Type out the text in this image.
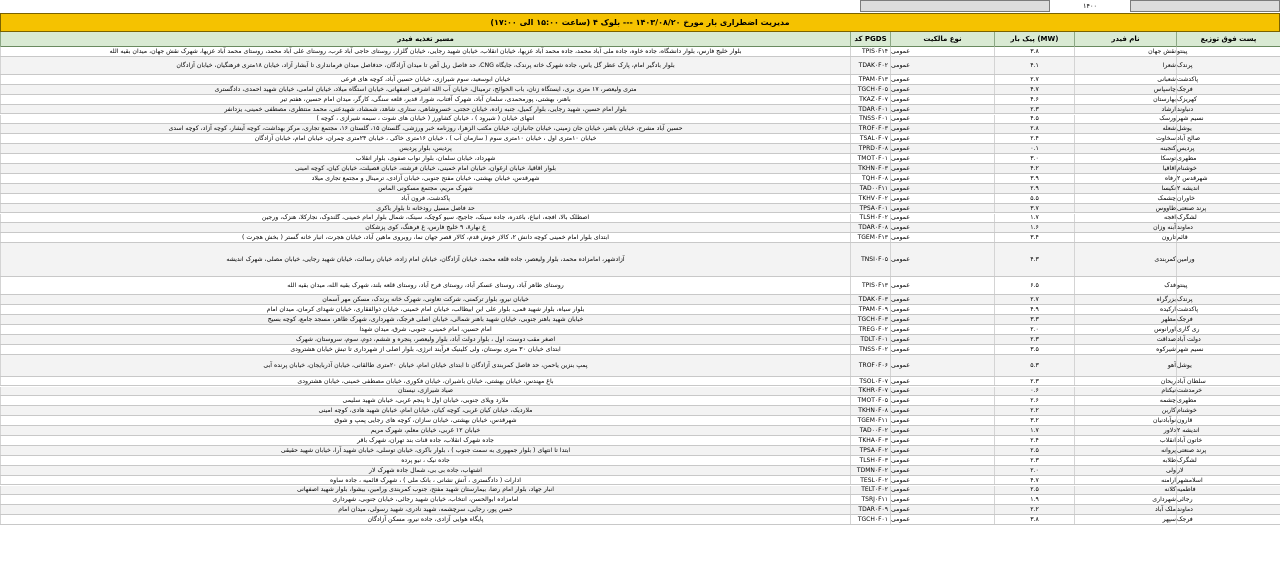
۱۴۰۰
مدیریت اضطراری بار مورخ ۱۴۰۳/۰۸/۲۰ --- بلوک ۴ (ساعت ۱۵:۰۰ الی ۱۷:۰۰)
پست فوق توزیع
نام فیدر
پیک بار (MW)
نوع مالکیت
کد PGDS
مسیر تغذیه فیدر
پینتو
نقش جهان
۳.۸
عمومی
TPIS۰F۱۴
بلوار خلیج فارس، بلوار دانشگاه، جاده خاوه، جاده ملی آباد محمد، جاده محمد آباد عزیها، خیابان انقلاب، خیابان شهید رجایی، خیابان گلزار، روستای حاجی آباد غرب، روستای علی آباد محمد، روستای محمد آباد عزیها، شهرک نقش جهان، میدان بقیه الله
پرندک
شعرا
۴.۱
عمومی
TDAK۰F۰۲
بلوار بادگیر امام، پارک عطر گل یاس، جاده شهرک خاته پرندک، جایگاه CNG، حد فاصل ریل آهن تا میدان آزادگان، حدفاصل میدان فرمانداری تا آبشار آزاد، خیابان ۱۸متری فرهنگیان، خیابان آزادگان
پاکدشت
شعبانی
۲.۷
عمومی
TPAM۰F۱۳
خیابان ابوسعید، سوم شیرازی، خیابان حسین آباد، کوچه های فرعی
فرجک
چاسپاس
۴.۷
عمومی
TGCH۰F۰۵
متری ولیعصر، ۱۷ متری بری، ایستگاه زنان، باب الحوائج، ترمینال، خیابان آب الله اشرفی اصفهانی، خیابان استگاه میلاد، خیابان امامی، خیابان شهید احمدی، دادگستری
کهریزک
بهارستان
۴.۶
عمومی
TKAZ۰F۰۷
باهنر، بهشتی، پورمحمدی، سلمان آباد، شهرک آفتاب، شورا، قدیر، قلعه سنگی، کارگر، میدان امام حسین، هفتم تیر
دنباوند
ارشاد
۲.۳
عمومی
TDAR۰F۰۱
بلوار امام حسین، شهید رجایی، بلوار کمیل، جنبه زاده، خیابان حجتی، خسروشاهی، ستاری، شاهد، شمشاد، شهیدعنی، محمد منتظری، مصطفی خمینی، یزدانفر
نسیم شهر
ورسک
۴.۵
عمومی
TNSS۰F۰۱
انتهای خیابان ( شیرود ) ، خیابان کشاورز ( خیابان های شوت ، سیمه شیرازی ، کوچه )
یوشل
شعله
۲.۸
عمومی
TROF۰F۰۳
حسین آباد مشرح، خیابان باهنر، خیابان جان زمینی، خیابان جانبازان، خیابان مکتب الزهرا، روزنامه خبر ورزشی، گلستان ۱۵، گلستان ۱۶، مجتمع تجاری، مرکز بهداشت، کوچه آیشار، کوچه آزاد، کوچه اسدی
صالح آباد
سخاوت
۲.۴
عمومی
TSAL۰F۰۷
خیابان ۱۰متری اول ، خیابان ۱۰متری سوم ( سازمان آب ) ، خیابان ۱۶متری خاکی ، خیابان ۲۴متری چمران، خیابان امام، خیابان آزادگان
پردیس
کنجینه
۰.۱
عمومی
TPRD۰F۰۸
پردیس، بلوار پردیس
مطهری
توسکا
۳.۰
عمومی
TMOT۰F۰۱
شهرداد، خیابان سلمان، بلوار نواب صفوی، بلوار انقلاب
خوشنام
اقاقیا
۴.۲
عمومی
TKHN۰F۰۳
بلوار اقاقیا، خیابان ارغوان، خیابان امام خمینی، خیابان فرشته، خیابان قصیلت، خیابان کیان، کوچه امینی
شهرقدس ۲
رفاه
۳.۹
عمومی
TQH۰F۰۸
شهرقدس، خیابان بهشتی، خیابان مفتح جنوبی، خیابان آزادی، ترمینال و مجتمع تجاری میلاد
اندیشه ۲
نکیسا
۲.۹
عمومی
TAD۰۰F۱۱
شهرک مریم، مجتمع مسکونی الماس
خاوران
چشمک
۵.۵
عمومی
TKHV۰F۰۲
پاکدشت، فرون آباد
پرند صنعتی
طاووس
۳.۷
عمومی
TPSA۰F۰۱
حد فاصل مسیل رودخانه تا بلوار باکری
لشگرک
افجه
۱.۷
عمومی
TLSH۰F۰۲
اصطلک بالا، افجه، انباع، باغدره، جاده سینک، جاجیج، سیو کوچک، سینک، شمال بلوار امام خمینی، گلندوک، نجارکلا، هنزک، ورجین
دماوند
آبنه وزان
۱.۶
عمومی
TDAR۰F۰۸
ع نهار۸، ۹ خلیج فارس، غ فرهنگ، کوی پزشکان
قائم
تارون
۳.۴
عمومی
TGEM۰F۱۳
ابتدای بلوار امام خمینی کوچه دانش ۲، کالاز خوش قدم، کالار قصر جهان نما، روبروی ماهین آباد، خیابان هجرت، انبار خانه گستر ( بخش هجرت )
ورامین
کمربندی
۴.۳
عمومی
TNSI۰F۰۵
آزادشهر، امامزاده محمد، بلوار ولیعصر، جاده قلعه محمد، خیابان آزادگان، خیابان امام زاده، خیابان رسالت، خیابان شهید رجایی، خیابان مصلی، شهرک اندیشه
پینتو
فدک
۶.۵
عمومی
TPIS۰F۱۳
روستای طاهر آباد، روستای عسکر آباد، روستای فرح آباد، روستای قلعه بلند، شهرک بقیه الله، میدان بقیه الله
پرندک
بزرگراه
۲.۷
عمومی
TDAK۰F۰۳
خیابان نیرو، بلوار ترکمنی، شرکت تعاونی، شهرک خانه پرندک، مسکن مهر آسمان
پاکدشت
ارکیده
۴.۹
عمومی
TPAM۰F۰۹
بلوار سیاه، بلوار شهید قمی، بلوار علی ابن ابیطالب، خیابان امام خمینی، خیابان ذوالفقاری، خیابان شهدای کرمان، میدان امام
فرجک
مطهر
۳.۳
عمومی
TGCH۰F۰۳
خیابان شهید باهنر جنوبی، خیابان شهید باهنر شمالی، خیابان اصلی فرجک، شهرداری، شهرک طاهر، مسجد جامع، کوچه بسیج
ری گاری
اورانوس
۲.۰
عمومی
TREG۰F۰۲
امام حسین، امام خمینی، جنوبی، شرق، میدان شهدا
دولت آباد
صداقت
۲.۳
عمومی
TDLT۰F۰۱
اصغر مقب دوست، اول ، بلوار دولت آباد، بلوار ولیعصر، پنجره و ششم، دوم، سوم، سروستان، شهرک
نسیم شهر
شیرکوه
۳.۵
عمومی
TNSS۰F۰۲
ابتدای خیابان ۳۰ متری بوستان، ولی کلینیک فرآیند انرژی، بلوار اصلی از شهرداری تا تبش خیابان هشترودی
یوشل
آهو
۵.۳
عمومی
TROF۰F۰۶
پمپ بنزین یاحمن، حد فاصل کمربندی آزادگان تا ابتدای خیابان امام، خیابان ۲۰متری طالقانی، خیابان آذربایجان، خیابان پرنده آبی
سلطان آباد
ریحان
۲.۳
عمومی
TSOL۰F۰۷
باغ مهندس، خیابان بهشتی، خیابان باشیران، خیابان فکوری، خیابان مصطفی خمینی، خیابان هشترودی
خرمدشت
نیکنام
۰.۶
عمومی
TKHR۰F۰۷
صیاد شیرازی، نیستان
مطهری
چشمه
۲.۶
عمومی
TMOT۰F۰۵
ملارد ویلای جنوبی، خیابان اول تا پنجم غربی، خیابان شهید سلیمی
خوشنام
کاربن
۲.۲
عمومی
TKHN۰F۰۸
ملاردیک، خیابان کیان غربی، کوچه کیان، خیابان امام، خیابان شهید هادی، کوچه امینی
قارون
نوآبادنیان
۳.۲
عمومی
TGEM۰F۱۱
شهرقدس، خیابان بهشتی، خیابان سازان، کوچه های رجایی پمپ و شوق
اندیشه ۲
دلاور
۱.۷
عمومی
TAD۰۰F۰۲
خیابان ۱۲ غربی، خیابان معلم، شهرک مریم
خاتون آباد
انقلاب
۲.۴
عمومی
TKHA۰F۰۳
جاده شهرک انقلاب، جاده قنات بند تهران، شهرک باقر
پرند صنعتی
پروانه
۲.۵
عمومی
TPSA۰F۰۲
ابتدا تا انتهای ( بلوار جمهوری به سمت جنوب ) ، بلوار باکری، خیابان توسلی، خیابان شهید آرا، خیابان شهید حقیقی
لشگرک
طلابه
۲.۳
عمومی
TLSH۰F۰۳
جاده نیک ، نیو پرده
لار
ولی
۲.۰
عمومی
TDMN۰F۰۲
اشتهاب، جاده بی بی، شمال جاده شهرک لار
اسلامشهر
ارامنه
۴.۷
عمومی
TESL۰F۰۲
ادارات ( دادگستری ، آتش نشانی ، بانک ملی ) ، شهرک قائمیه ، جاده ساوه
فاطمیه
کلانه
۲.۵
عمومی
TELT۰F۰۲
انبار جهاد، بلوار امام رضا، بیمارستان شهید مفتح، جنوب کمربندی ورامین، بیشوا، بلوار شهید اصفهانی
رجائی
شهرداری
۱.۹
عمومی
TSRJ۰F۱۱
امامزاده ابوالحسن، انتخاب، خیابان شهید رجائی، خیابان جنوبی، شهرداری
دماوند
ملک آباد
۲.۲
عمومی
TDAR۰F۰۹
حسن پور، رجایی، سرچشمه، شهید نادری، شهید رسولی، میدان امام
فرجک
سپهر
۳.۸
عمومی
TGCH۰F۰۱
پایگاه هوایی آزادی، جاده نیرو، مسکن آزادگان
